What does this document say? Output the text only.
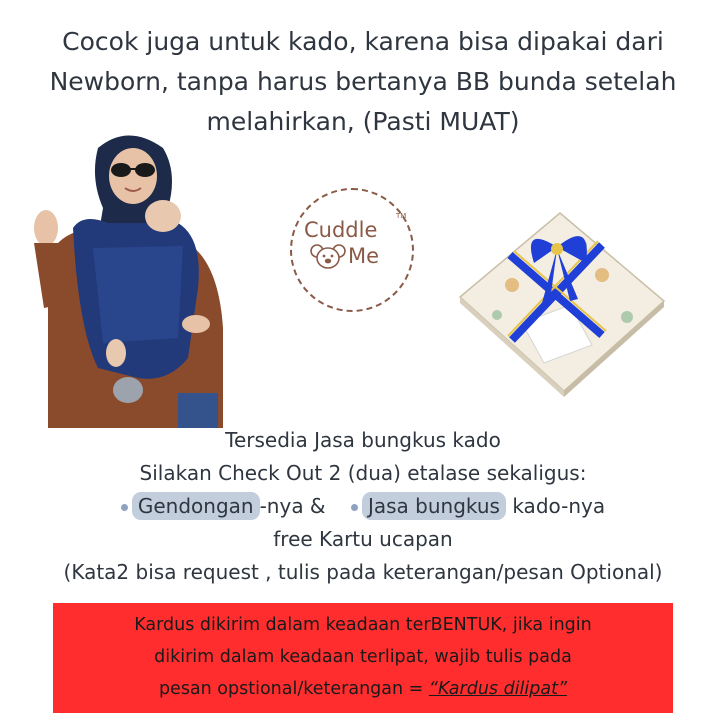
Cocok juga untuk kado, karena bisa dipakai dari
Newborn, tanpa harus bertanya BB bunda setelah
melahirkan, (Pasti MUAT)
Cuddle
TM
Me
Tersedia Jasa bungkus kado
Silakan Check Out 2 (dua) etalase sekaligus:
Gendongan -nya & Jasa bungkus kado-nya
free Kartu ucapan
(Kata2 bisa request , tulis pada keterangan/pesan Optional)
Kardus dikirim dalam keadaan terBENTUK, jika ingin
dikirim dalam keadaan terlipat, wajib tulis pada
pesan opstional/keterangan = “Kardus dilipat”
